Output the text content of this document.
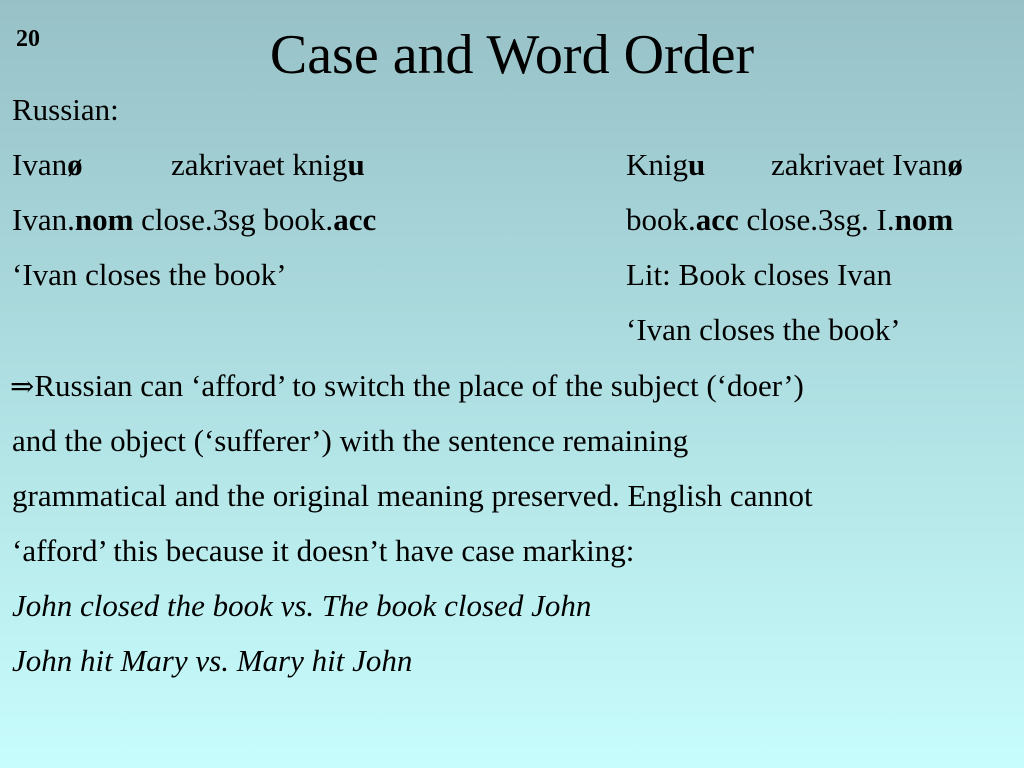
20	Case and Word Order
Russian:
Ivanø	zakrivaet knigu
Ivan.nom close.3sg book.acc
‘Ivan closes the book’
Knigu zakrivaet Ivanø
book.acc close.3sg. I.nom
Lit: Book closes Ivan
‘Ivan closes the book’
⇒Russian can ‘afford’ to switch the place of the subject (‘doer’)
and the object (‘sufferer’) with the sentence remaining
grammatical and the original meaning preserved. English cannot
‘afford’ this because it doesn’t have case marking:
John closed the book vs. The book closed John
John hit Mary vs. Mary hit John
